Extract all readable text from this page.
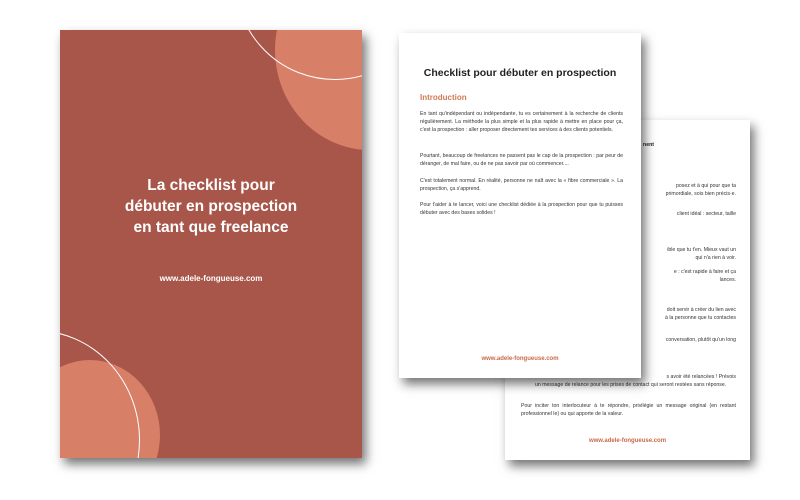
La checklist pour
débuter en prospection
en tant que freelance
www.adele-fongueuse.com
nent
posez et à qui pour que ta
primordiale, sois bien précis·e.
client idéal : secteur, taille
ible que tu t'en. Mieux vaut un
qui n'a rien à voir.
e : c'est rapide à faire et ça
lances.
doit servir à créer du lien avec
à la personne que tu contactes
conversation, plutôt qu'un long
s avoir été relancées ! Prévois
un message de relance pour les prises de contact qui seront restées sans réponse.
Pour inciter ton interlocuteur à te répondre, privilégie un message original (en restant professionnel le) ou qui apporte de la valeur.
www.adele-fongueuse.com
Checklist pour débuter en prospection
Introduction
En tant qu'indépendant ou indépendante, tu es certainement à la recherche de clients régulièrement. La méthode la plus simple et la plus rapide à mettre en place pour ça, c'est la prospection : aller proposer directement tes services à des clients potentiels.
Pourtant, beaucoup de freelances ne passent pas le cap de la prospection : par peur de déranger, de mal faire, ou de ne pas savoir par où commencer....
C'est totalement normal. En réalité, personne ne naît avec la « fibre commerciale ». La prospection, ça s'apprend.
Pour t'aider à te lancer, voici une checklist dédiée à la prospection pour que tu puisses débuter avec des bases solides !
www.adele-fongueuse.com
